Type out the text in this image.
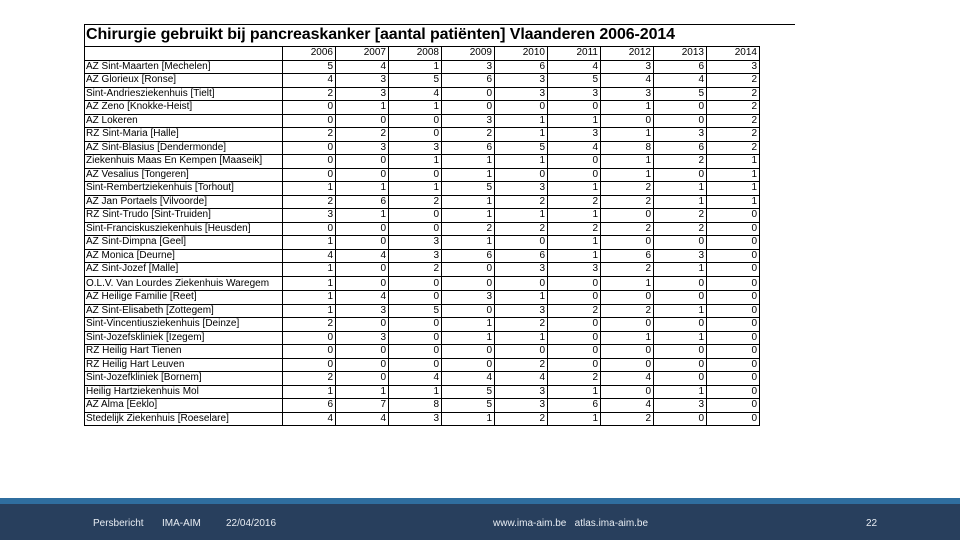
Chirurgie gebruikt bij pancreaskanker [aantal patiënten] Vlaanderen 2006-2014
	2006	2007	2008	2009	2010	2011	2012	2013	2014
AZ Sint-Maarten [Mechelen]	5	4	1	3	6	4	3	6	3
AZ Glorieux [Ronse]	4	3	5	6	3	5	4	4	2
Sint-Andriesziekenhuis [Tielt]	2	3	4	0	3	3	3	5	2
AZ Zeno [Knokke-Heist]	0	1	1	0	0	0	1	0	2
AZ Lokeren	0	0	0	3	1	1	0	0	2
RZ Sint-Maria [Halle]	2	2	0	2	1	3	1	3	2
AZ Sint-Blasius [Dendermonde]	0	3	3	6	5	4	8	6	2
Ziekenhuis Maas En Kempen [Maaseik]	0	0	1	1	1	0	1	2	1
AZ Vesalius [Tongeren]	0	0	0	1	0	0	1	0	1
Sint-Rembertziekenhuis [Torhout]	1	1	1	5	3	1	2	1	1
AZ Jan Portaels [Vilvoorde]	2	6	2	1	2	2	2	1	1
RZ Sint-Trudo [Sint-Truiden]	3	1	0	1	1	1	0	2	0
Sint-Franciskusziekenhuis [Heusden]	0	0	0	2	2	2	2	2	0
AZ Sint-Dimpna [Geel]	1	0	3	1	0	1	0	0	0
AZ Monica [Deurne]	4	4	3	6	6	1	6	3	0
AZ Sint-Jozef [Malle]	1	0	2	0	3	3	2	1	0
O.L.V. Van Lourdes Ziekenhuis Waregem	1	0	0	0	0	0	1	0	0
AZ Heilige Familie [Reet]	1	4	0	3	1	0	0	0	0
AZ Sint-Elisabeth [Zottegem]	1	3	5	0	3	2	2	1	0
Sint-Vincentiusziekenhuis [Deinze]	2	0	0	1	2	0	0	0	0
Sint-Jozefskliniek [Izegem]	0	3	0	1	1	0	1	1	0
RZ Heilig Hart Tienen	0	0	0	0	0	0	0	0	0
RZ Heilig Hart Leuven	0	0	0	0	2	0	0	0	0
Sint-Jozefkliniek [Bornem]	2	0	4	4	4	2	4	0	0
Heilig Hartziekenhuis Mol	1	1	1	5	3	1	0	1	0
AZ Alma [Eeklo]	6	7	8	5	3	6	4	3	0
Stedelijk Ziekenhuis [Roeselare]	4	4	3	1	2	1	2	0	0
Persbericht IMA-AIM	22/04/2016	www.ima-aim.be   atlas.ima-aim.be	22
